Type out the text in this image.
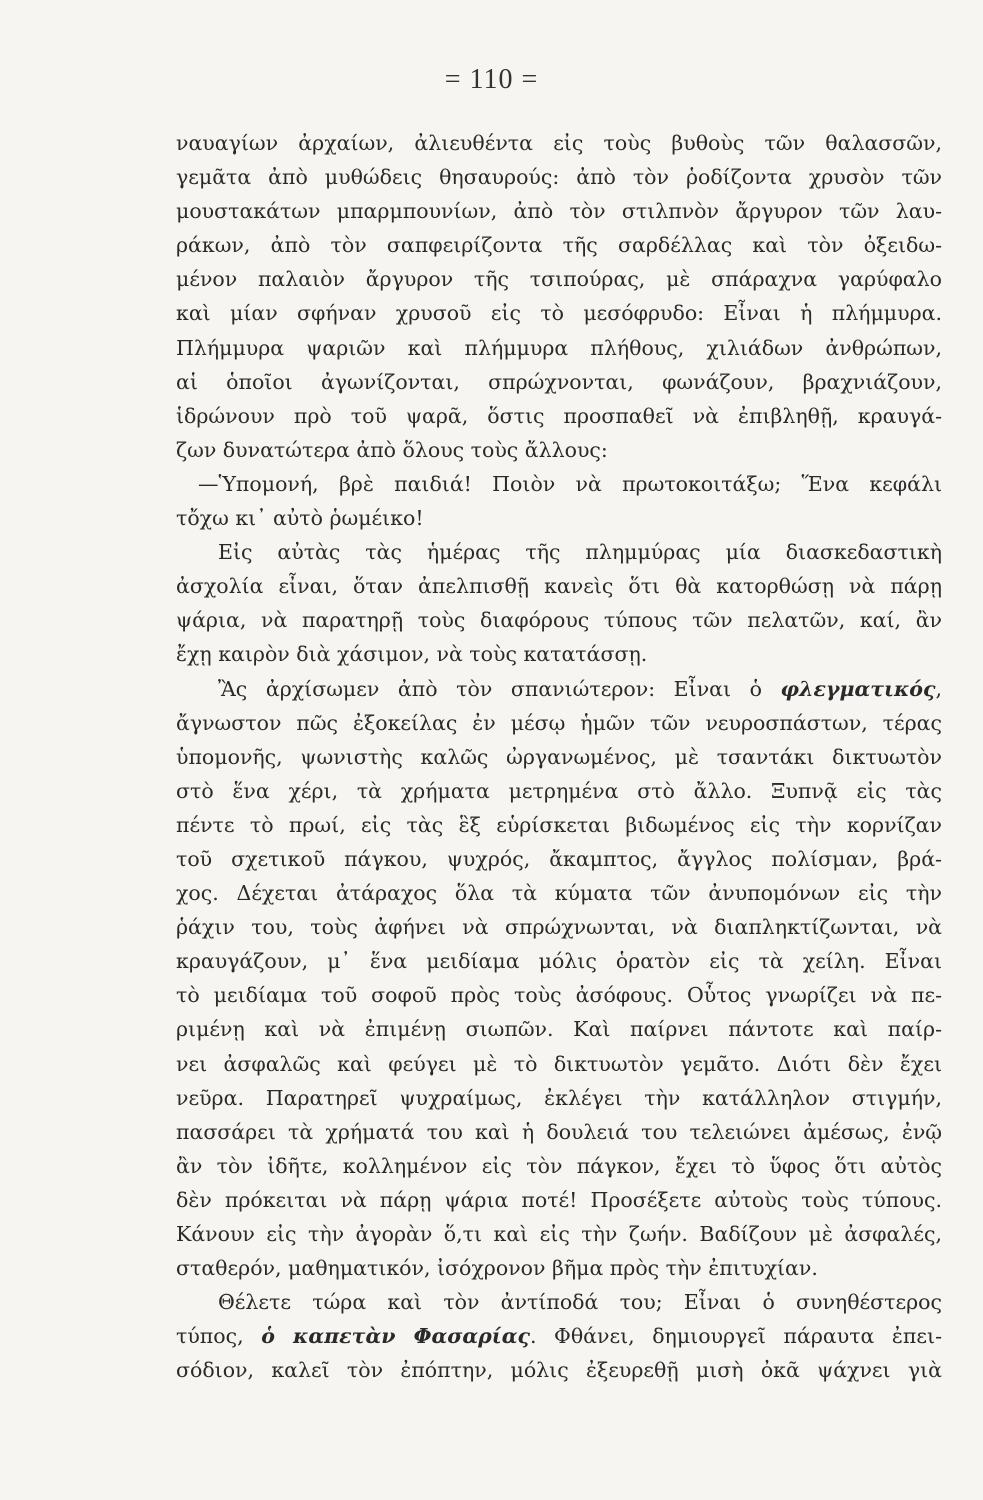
= 110 =
ναυαγίων ἀρχαίων, ἀλιευθέντα εἰς τοὺς βυθοὺς τῶν θαλασσῶν,
γεμᾶτα ἀπὸ μυθώδεις θησαυρούς: ἀπὸ τὸν ῥοδίζοντα χρυσὸν τῶν
μουστακάτων μπαρμπουνίων, ἀπὸ τὸν στιλπνὸν ἄργυρον τῶν λαυ-
ράκων, ἀπὸ τὸν σαπφειρίζοντα τῆς σαρδέλλας καὶ τὸν ὀξειδω-
μένον παλαιὸν ἄργυρον τῆς τσιπούρας, μὲ σπάραχνα γαρύφαλο
καὶ μίαν σφήναν χρυσοῦ εἰς τὸ μεσόφρυδο: Εἶναι ἡ πλήμμυρα.
Πλήμμυρα ψαριῶν καὶ πλήμμυρα πλήθους, χιλιάδων ἀνθρώπων,
αἱ ὁποῖοι ἀγωνίζονται, σπρώχνονται, φωνάζουν, βραχνιάζουν,
ἱδρώνουν πρὸ τοῦ ψαρᾶ, ὅστις προσπαθεῖ νὰ ἐπιβληθῇ, κραυγά-
ζων δυνατώτερα ἀπὸ ὅλους τοὺς ἄλλους:
—Ὑπομονή, βρὲ παιδιά! Ποιὸν νὰ πρωτοκοιτάξω; Ἕνα κεφάλι
τὄχω κι᾽ αὐτὸ ῥωμέικο!
Εἰς αὐτὰς τὰς ἡμέρας τῆς πλημμύρας μία διασκεδαστικὴ
ἀσχολία εἶναι, ὅταν ἀπελπισθῇ κανεὶς ὅτι θὰ κατορθώσῃ νὰ πάρῃ
ψάρια, νὰ παρατηρῇ τοὺς διαφόρους τύπους τῶν πελατῶν, καί, ἂν
ἔχῃ καιρὸν διὰ χάσιμον, νὰ τοὺς κατατάσσῃ.
Ἂς ἀρχίσωμεν ἀπὸ τὸν σπανιώτερον: Εἶναι ὁ φλεγματικός,
ἄγνωστον πῶς ἐξοκείλας ἐν μέσῳ ἡμῶν τῶν νευροσπάστων, τέρας
ὑπομονῆς, ψωνιστὴς καλῶς ὠργανωμένος, μὲ τσαντάκι δικτυωτὸν
στὸ ἕνα χέρι, τὰ χρήματα μετρημένα στὸ ἄλλο. Ξυπνᾷ εἰς τὰς
πέντε τὸ πρωί, εἰς τὰς ἓξ εὑρίσκεται βιδωμένος εἰς τὴν κορνίζαν
τοῦ σχετικοῦ πάγκου, ψυχρός, ἄκαμπτος, ἄγγλος πολίσμαν, βρά-
χος. Δέχεται ἀτάραχος ὅλα τὰ κύματα τῶν ἀνυπομόνων εἰς τὴν
ῥάχιν του, τοὺς ἀφήνει νὰ σπρώχνωνται, νὰ διαπληκτίζωνται, νὰ
κραυγάζουν, μ᾽ ἕνα μειδίαμα μόλις ὁρατὸν εἰς τὰ χείλη. Εἶναι
τὸ μειδίαμα τοῦ σοφοῦ πρὸς τοὺς ἀσόφους. Οὗτος γνωρίζει νὰ πε-
ριμένῃ καὶ νὰ ἐπιμένῃ σιωπῶν. Καὶ παίρνει πάντοτε καὶ παίρ-
νει ἀσφαλῶς καὶ φεύγει μὲ τὸ δικτυωτὸν γεμᾶτο. Διότι δὲν ἔχει
νεῦρα. Παρατηρεῖ ψυχραίμως, ἐκλέγει τὴν κατάλληλον στιγμήν,
πασσάρει τὰ χρήματά του καὶ ἡ δουλειά του τελειώνει ἀμέσως, ἐνῷ
ἂν τὸν ἰδῆτε, κολλημένον εἰς τὸν πάγκον, ἔχει τὸ ὕφος ὅτι αὐτὸς
δὲν πρόκειται νὰ πάρῃ ψάρια ποτέ! Προσέξετε αὐτοὺς τοὺς τύπους.
Κάνουν εἰς τὴν ἀγορὰν ὅ,τι καὶ εἰς τὴν ζωήν. Βαδίζουν μὲ ἀσφαλές,
σταθερόν, μαθηματικόν, ἰσόχρονον βῆμα πρὸς τὴν ἐπιτυχίαν.
Θέλετε τώρα καὶ τὸν ἀντίποδά του; Εἶναι ὁ συνηθέστερος
τύπος, ὁ καπετὰν Φασαρίας. Φθάνει, δημιουργεῖ πάραυτα ἐπει-
σόδιον, καλεῖ τὸν ἐπόπτην, μόλις ἐξευρεθῇ μισὴ ὀκᾶ ψάχνει γιὰ
